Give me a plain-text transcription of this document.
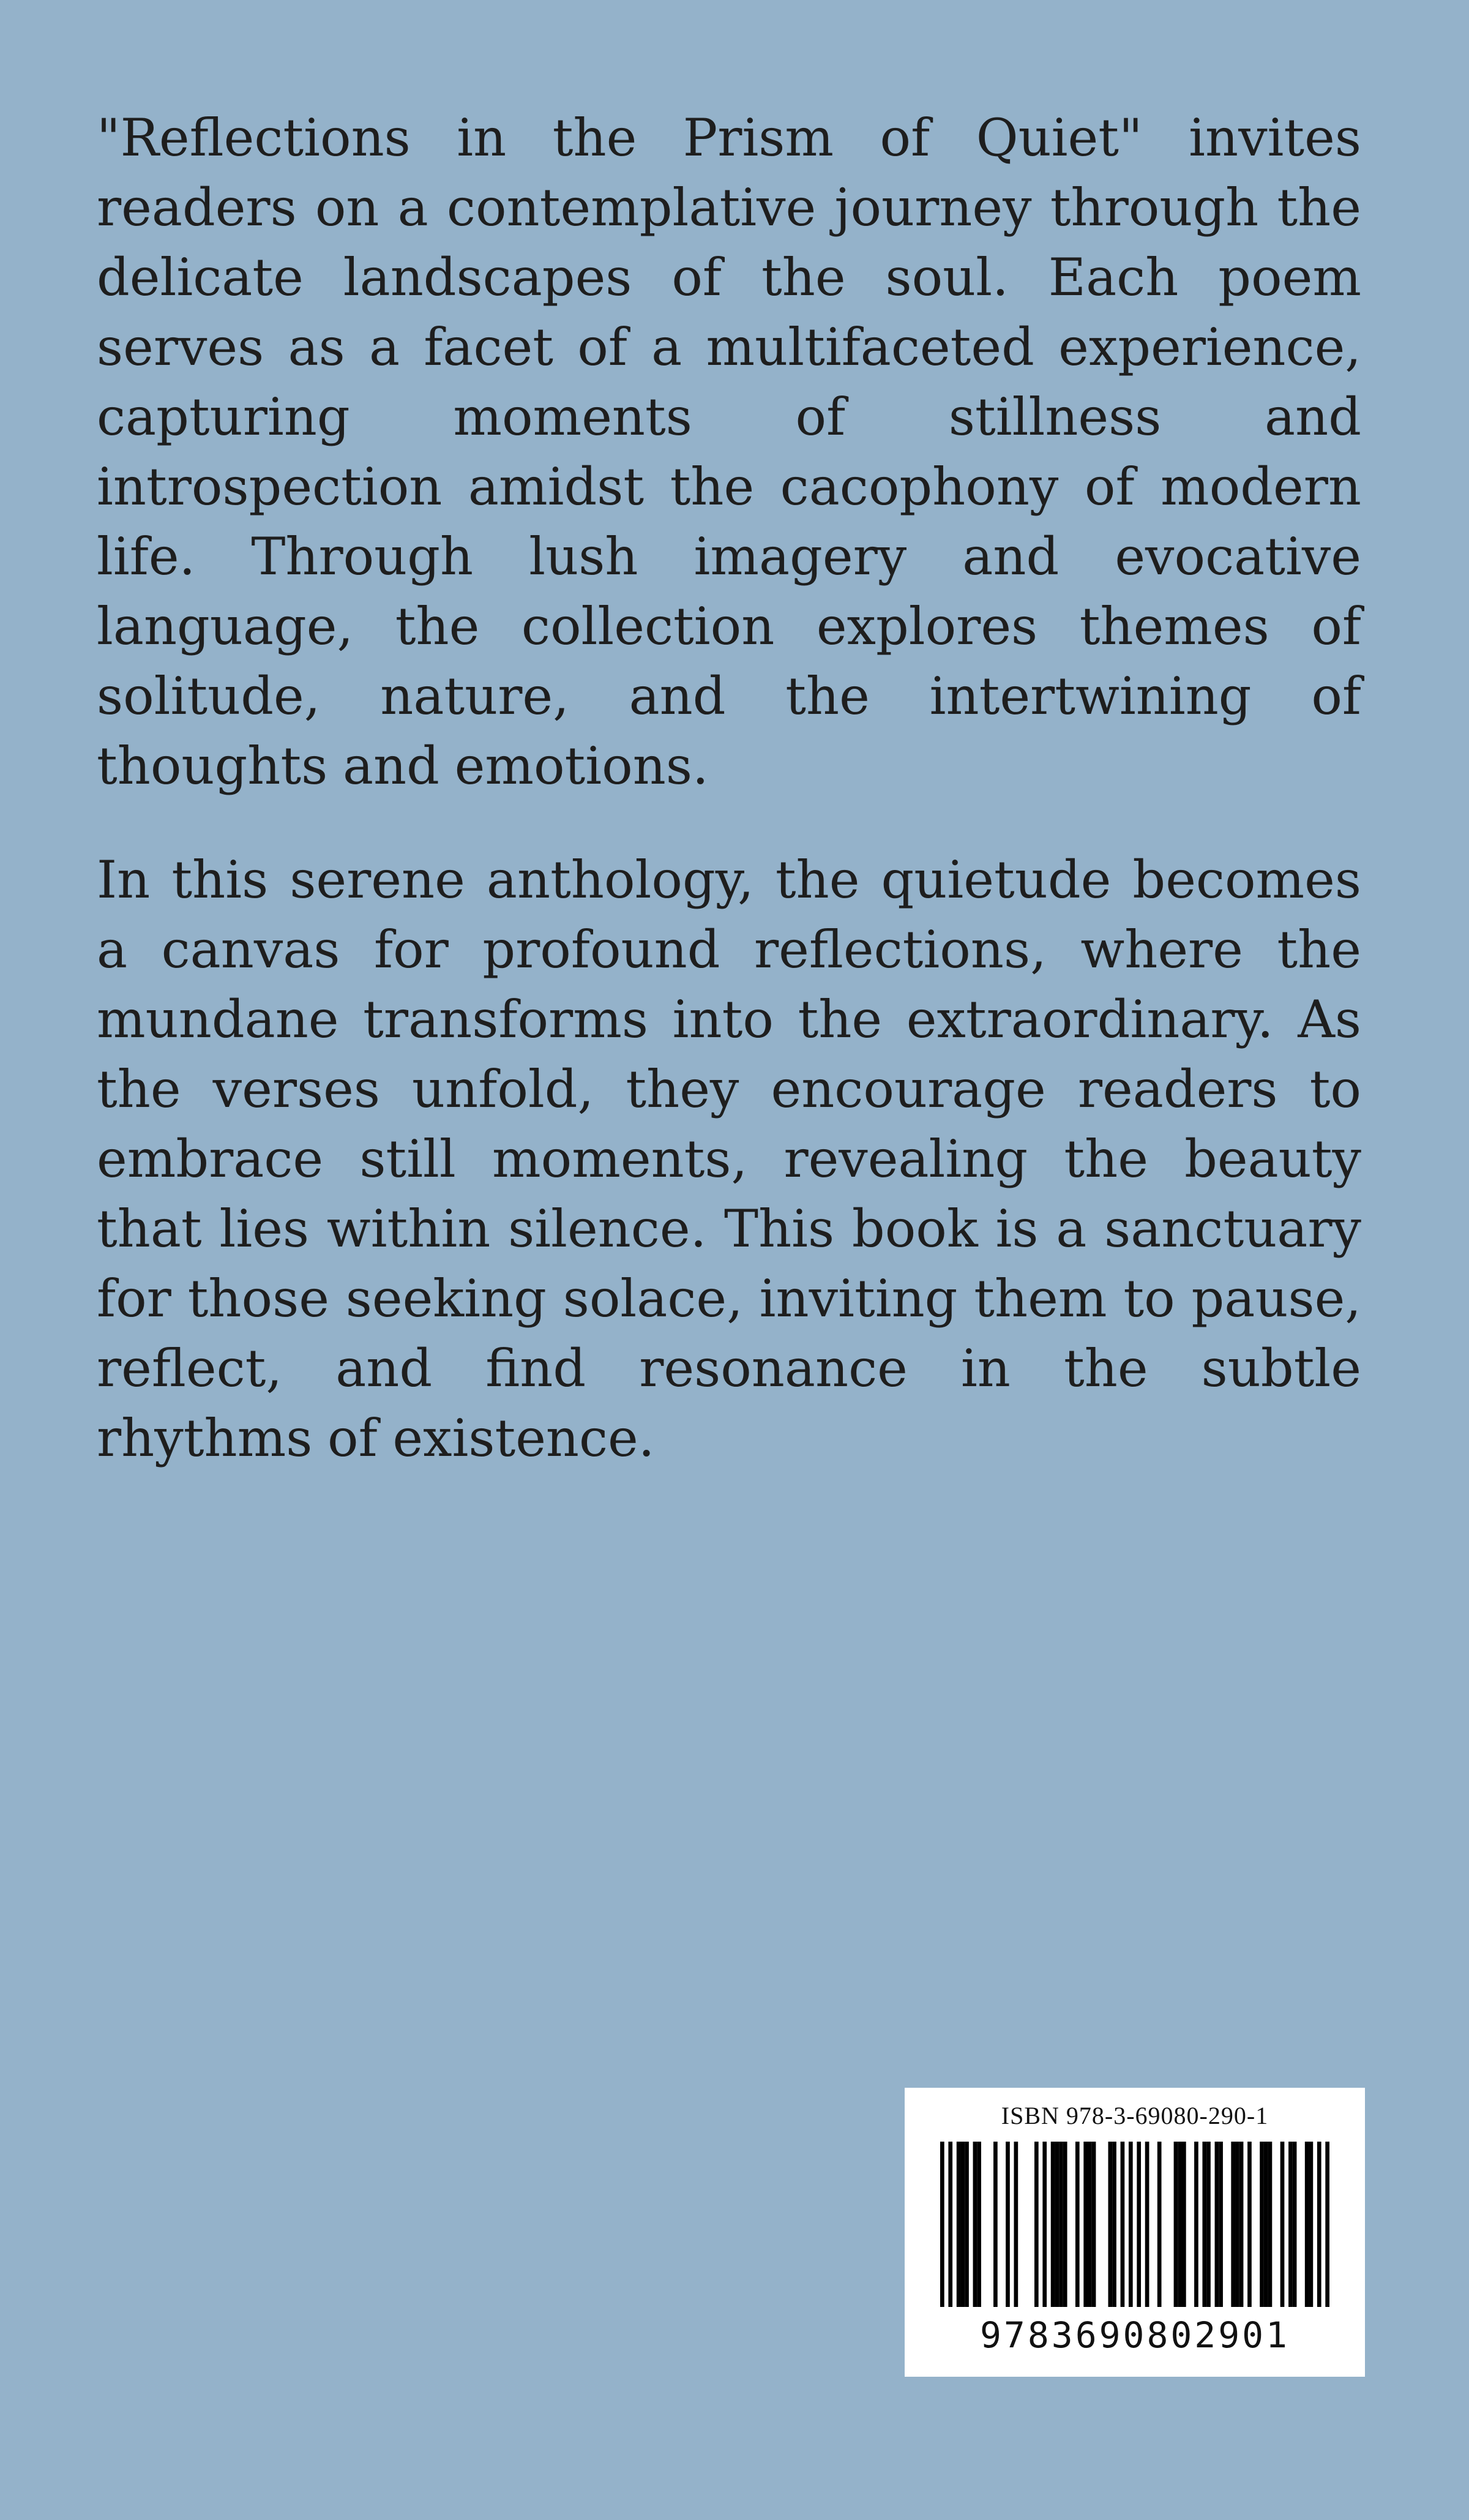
"Reflections in the Prism of Quiet" invites readers on a contemplative journey through the delicate landscapes of the soul. Each poem serves as a facet of a multifaceted experience, capturing moments of stillness and introspection amidst the cacophony of modern life. Through lush imagery and evocative language, the collection explores themes of solitude, nature, and the intertwining of thoughts and emotions.

In this serene anthology, the quietude becomes a canvas for profound reflections, where the mundane transforms into the extraordinary. As the verses unfold, they encourage readers to embrace still moments, revealing the beauty that lies within silence. This book is a sanctuary for those seeking solace, inviting them to pause, reflect, and find resonance in the subtle rhythms of existence.

ISBN 978-3-69080-290-1
9783690802901
